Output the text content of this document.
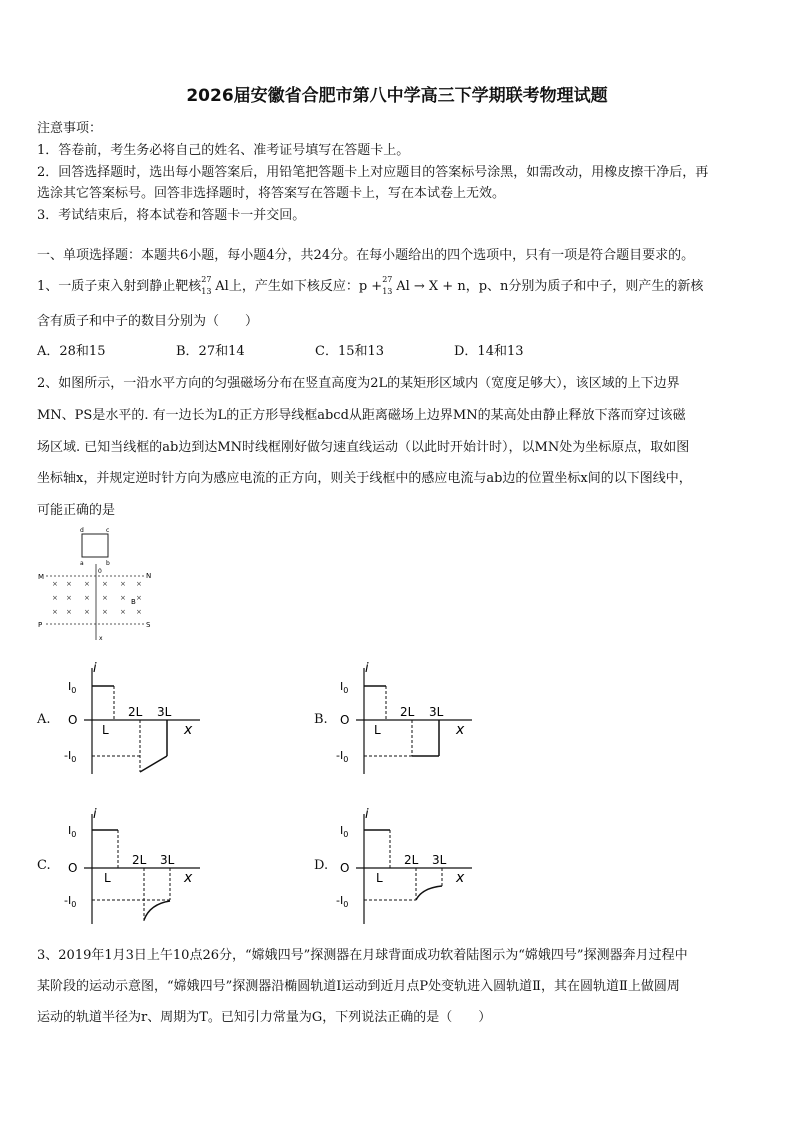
2026届安徽省合肥市第八中学高三下学期联考物理试题
注意事项：
1．答卷前，考生务必将自己的姓名、准考证号填写在答题卡上。
2．回答选择题时，选出每小题答案后，用铅笔把答题卡上对应题目的答案标号涂黑，如需改动，用橡皮擦干净后，再
选涂其它答案标号。回答非选择题时，将答案写在答题卡上，写在本试卷上无效。
3．考试结束后，将本试卷和答题卡一并交回。
一、单项选择题：本题共6小题，每小题4分，共24分。在每小题给出的四个选项中，只有一项是符合题目要求的。
1、一质子束入射到静止靶核 27
13 Al上，产生如下核反应：p + 27
13 Al → X + n，p、n分别为质子和中子，则产生的新核
含有质子和中子的数目分别为（　　）
A．28和15	B．27和14	C．15和13	D．14和13
2、如图所示，一沿水平方向的匀强磁场分布在竖直高度为2L的某矩形区域内（宽度足够大），该区域的上下边界
MN、PS是水平的. 有一边长为L的正方形导线框abcd从距离磁场上边界MN的某高处由静止释放下落而穿过该磁
场区域. 已知当线框的ab边到达MN时线框刚好做匀速直线运动（以此时开始计时），以MN处为坐标原点，取如图
坐标轴x，并规定逆时针方向为感应电流的正方向，则关于线框中的感应电流与ab边的位置坐标x间的以下图线中，
可能正确的是
d	c
a	b
0
M	N
× × × × × ×
× × × × × ×
× × × × × ×
B
P	S
x
A.
i
x
O
$I_0$
$-I_0$
L
2L 3L	B.
i
x
O
$I_0$
$-I_0$
L
2L 3L
C.
i
x
O
$I_0$
$-I_0$
L
2L 3L	D.
i
x
O
$I_0$
$-I_0$
L
2L 3L
3、2019年1月3日上午10点26分，“嫦娥四号”探测器在月球背面成功软着陆图示为“嫦娥四号”探测器奔月过程中
某阶段的运动示意图，“嫦娥四号”探测器沿椭圆轨道Ⅰ运动到近月点P处变轨进入圆轨道Ⅱ，其在圆轨道Ⅱ上做圆周
运动的轨道半径为r、周期为T。已知引力常量为G，下列说法正确的是（　　）
